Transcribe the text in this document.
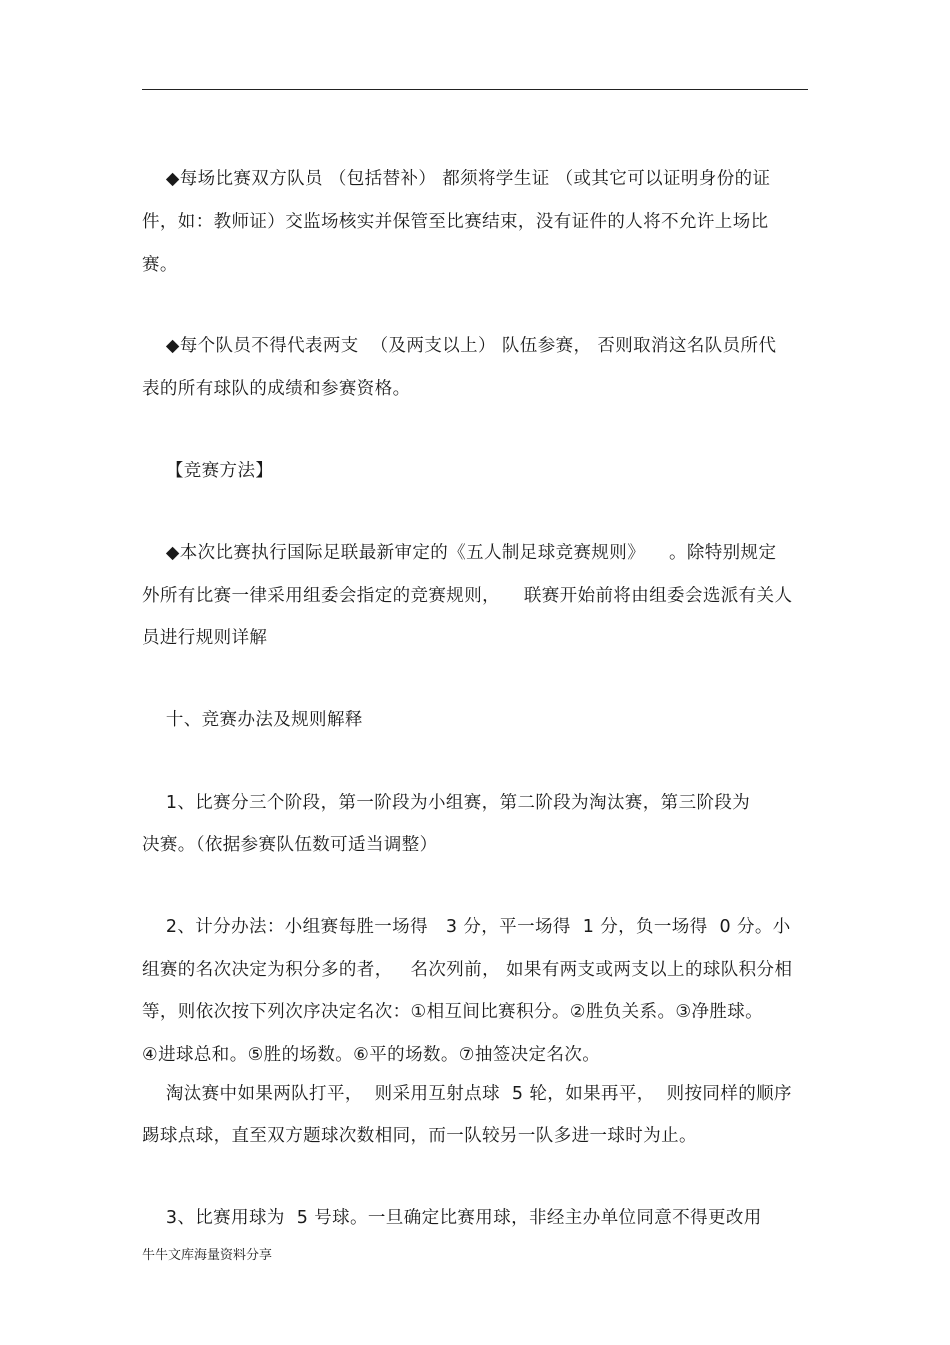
◆每场比赛双方队员 （包括替补） 都须将学生证 （或其它可以证明身份的证
件，如：教师证）交监场核实并保管至比赛结束，没有证件的人将不允许上场比
赛。
◆每个队员不得代表两支  （及两支以上） 队伍参赛， 否则取消这名队员所代
表的所有球队的成绩和参赛资格。
【竞赛方法】
◆本次比赛执行国际足联最新审定的《五人制足球竞赛规则》    。除特别规定
外所有比赛一律采用组委会指定的竞赛规则，    联赛开始前将由组委会选派有关人
员进行规则详解
十、竞赛办法及规则解释
1、比赛分三个阶段，第一阶段为小组赛，第二阶段为淘汰赛，第三阶段为
决赛。（依据参赛队伍数可适当调整）
2、计分办法：小组赛每胜一场得   3 分，平一场得  1 分，负一场得  0 分。小
组赛的名次决定为积分多的者，   名次列前， 如果有两支或两支以上的球队积分相
等，则依次按下列次序决定名次：①相互间比赛积分。②胜负关系。③净胜球。
④进球总和。⑤胜的场数。⑥平的场数。⑦抽签决定名次。
淘汰赛中如果两队打平，  则采用互射点球  5 轮，如果再平，  则按同样的顺序
踢球点球，直至双方题球次数相同，而一队较另一队多进一球时为止。
3、比赛用球为  5 号球。一旦确定比赛用球，非经主办单位同意不得更改用
牛牛文库海量资料分享
